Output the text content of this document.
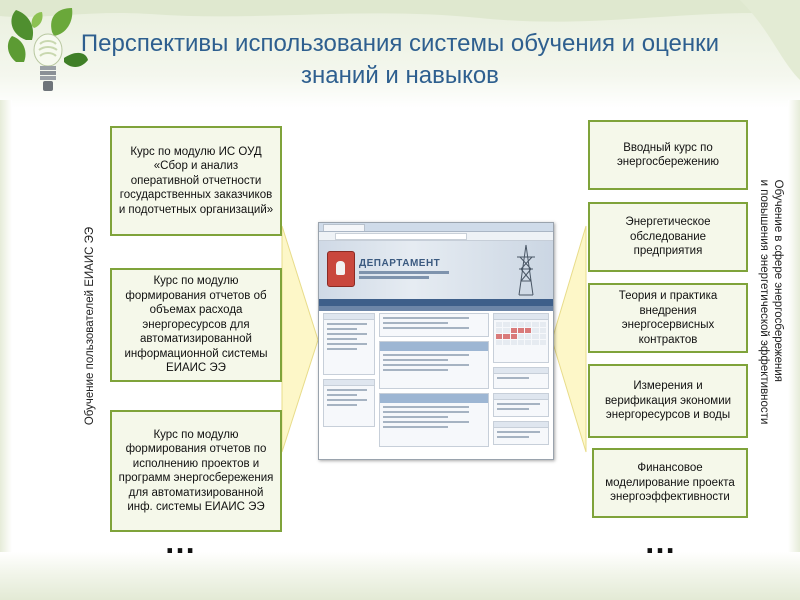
Перспективы использования системы обучения и оценки знаний и навыков
Обучение пользователей ЕИАИС ЭЭ	Обучение в сфере энергосбережения
и повышения энергетической эффективности
Курс по модулю ИС ОУД «Сбор и анализ оперативной отчетности государственных заказчиков и подотчетных организаций»
Курс по модулю формирования отчетов об объемах расхода энергоресурсов для автоматизированной информационной системы ЕИАИС ЭЭ
Курс по модулю формирования отчетов по исполнению проектов и программ энергосбережения для автоматизированной инф. системы ЕИАИС ЭЭ
…
Вводный курс по энергосбережению
Энергетическое обследование предприятия
Теория и практика внедрения энергосервисных контрактов
Измерения и верификация экономии энергоресурсов и воды
Финансовое моделирование проекта энергоэффективности
…
ДЕПАРТАМЕНТ
